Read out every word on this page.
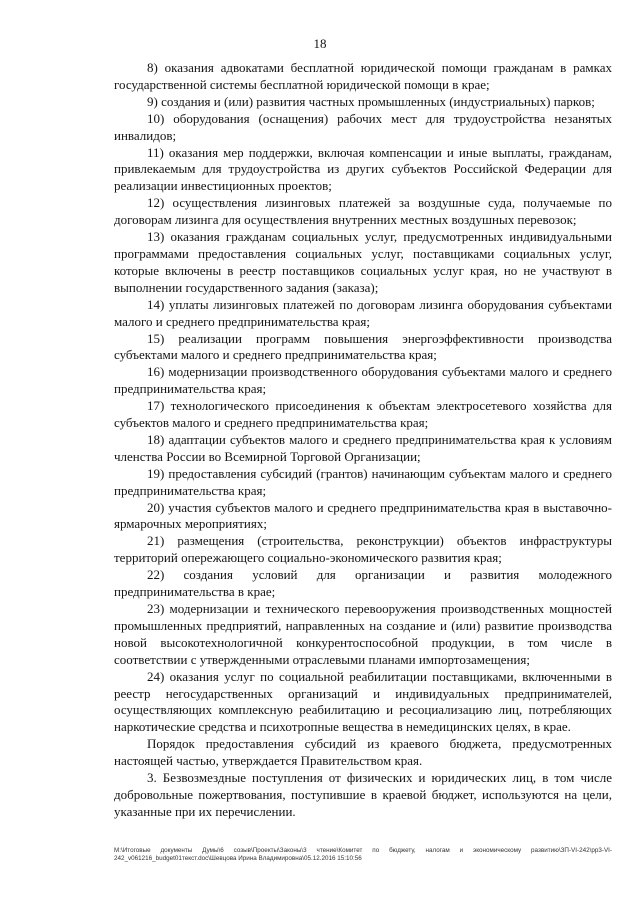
18

8) оказания адвокатами бесплатной юридической помощи гражданам в рамках государственной системы бесплатной юридической помощи в крае;

9) создания и (или) развития частных промышленных (индустриальных) парков;

10) оборудования (оснащения) рабочих мест для трудоустройства незанятых инвалидов;

11) оказания мер поддержки, включая компенсации и иные выплаты, гражданам, привлекаемым для трудоустройства из других субъектов Российской Федерации для реализации инвестиционных проектов;

12) осуществления лизинговых платежей за воздушные суда, получаемые по договорам лизинга для осуществления внутренних местных воздушных перевозок;

13) оказания гражданам социальных услуг, предусмотренных индивидуальными программами предоставления социальных услуг, поставщиками социальных услуг, которые включены в реестр поставщиков социальных услуг края, но не участвуют в выполнении государственного задания (заказа);

14) уплаты лизинговых платежей по договорам лизинга оборудования субъектами малого и среднего предпринимательства края;

15) реализации программ повышения энергоэффективности производства субъектами малого и среднего предпринимательства края;

16) модернизации производственного оборудования субъектами малого и среднего предпринимательства края;

17) технологического присоединения к объектам электросетевого хозяйства для субъектов малого и среднего предпринимательства края;

18) адаптации субъектов малого и среднего предпринимательства края к условиям членства России во Всемирной Торговой Организации;

19) предоставления субсидий (грантов) начинающим субъектам малого и среднего предпринимательства края;

20) участия субъектов малого и среднего предпринимательства края в выставочно-ярмарочных мероприятиях;

21) размещения (строительства, реконструкции) объектов инфраструктуры территорий опережающего социально-экономического развития края;

22) создания условий для организации и развития молодежного предпринимательства в крае;

23) модернизации и технического перевооружения производственных мощностей промышленных предприятий, направленных на создание и (или) развитие производства новой высокотехнологичной конкурентоспособной продукции, в том числе в соответствии с утвержденными отраслевыми планами импортозамещения;

24) оказания услуг по социальной реабилитации поставщиками, включенными в реестр негосударственных организаций и индивидуальных предпринимателей, осуществляющих комплексную реабилитацию и ресоциализацию лиц, потребляющих наркотические средства и психотропные вещества в немедицинских целях, в крае.

Порядок предоставления субсидий из краевого бюджета, предусмотренных настоящей частью, утверждается Правительством края.

3. Безвозмездные поступления от физических и юридических лиц, в том числе добровольные пожертвования, поступившие в краевой бюджет, используются на цели, указанные при их перечислении.

M:\Итоговые документы Думы\6 созыв\Проекты\Законы\3 чтение\Комитет по бюджету, налогам и экономическому развитию\ЗП-VI-242\рр3-VI-242_v061216_budget01текст.doc\Шевцова Ирина Владимировна\05.12.2016 15:10:56
